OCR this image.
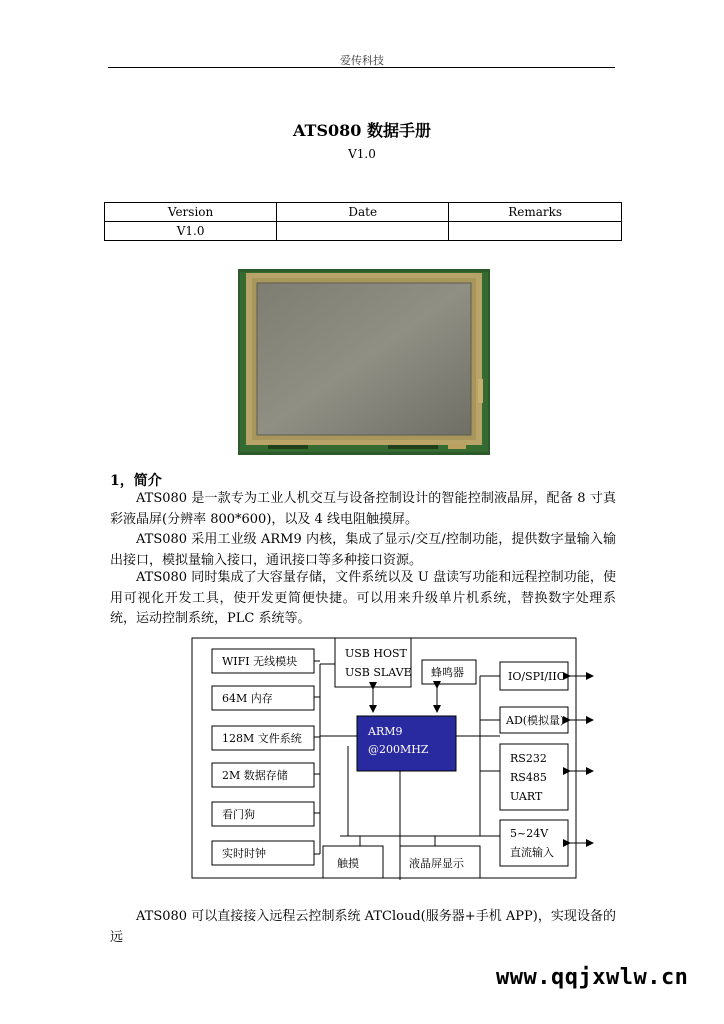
爱传科技
ATS080 数据手册
V1.0
Version	Date	Remarks
V1.0		
1，简介
ATS080 是一款专为工业人机交互与设备控制设计的智能控制液晶屏，配备 8 寸真彩液晶屏(分辨率 800*600)，以及 4 线电阻触摸屏。
ATS080 采用工业级 ARM9 内核，集成了显示/交互/控制功能，提供数字量输入输出接口，模拟量输入接口，通讯接口等多种接口资源。
ATS080 同时集成了大容量存储，文件系统以及 U 盘读写功能和远程控制功能，使用可视化开发工具，使开发更简便快捷。可以用来升级单片机系统，替换数字处理系统，运动控制系统，PLC 系统等。
WIFI 无线模块
64M 内存
128M 文件系统
2M 数据存储
看门狗
实时时钟
USB HOST
USB SLAVE 蜂鸣器
ARM9
@200MHZ
IO/SPI/IIC
AD(模拟量)
RS232
RS485
UART
5~24V
直流输入
触摸	液晶屏显示
ATS080 可以直接接入远程云控制系统 ATCloud(服务器+手机 APP)，实现设备的远
www.qqjxwlw.cn
